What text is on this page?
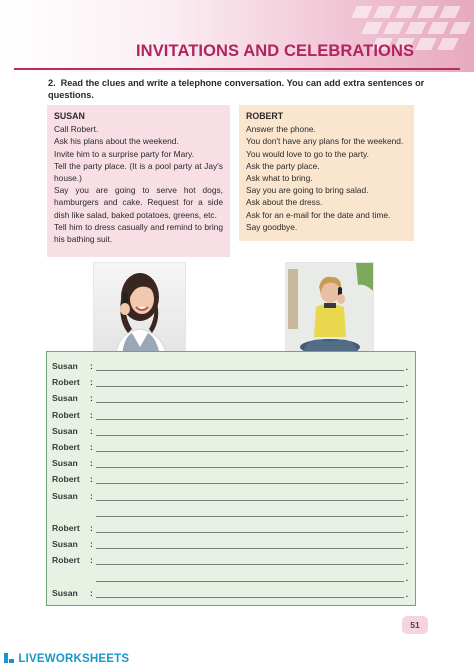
INVITATIONS AND CELEBRATIONS
2. Read the clues and write a telephone conversation. You can add extra sentences or questions.
SUSAN

Call Robert.

Ask his plans about the weekend.

Invite him to a surprise party for Mary.

Tell the party place. (It is a pool party at Jay's house.)

Say you are going to serve hot dogs, hamburgers and cake. Request for a side dish like salad, baked potatoes, greens, etc.

Tell him to dress casually and remind to bring his bathing suit.

ROBERT

Answer the phone.

You don't have any plans for the weekend.

You would love to go to the party.

Ask the party place.

Ask what to bring.

Say you are going to bring salad.

Ask about the dress.

Ask for an e-mail for the date and time.

Say goodbye.

Susan	:	.
Robert	:	.
Susan	:	.
Robert	:	.
Susan	:	.
Robert	:	.
Susan	:	.
Robert	:	.
Susan	:	.
.
Robert	:	.
Susan	:	.
Robert	:	.
.
Susan	:	.
51
LIVEWORKSHEETS
